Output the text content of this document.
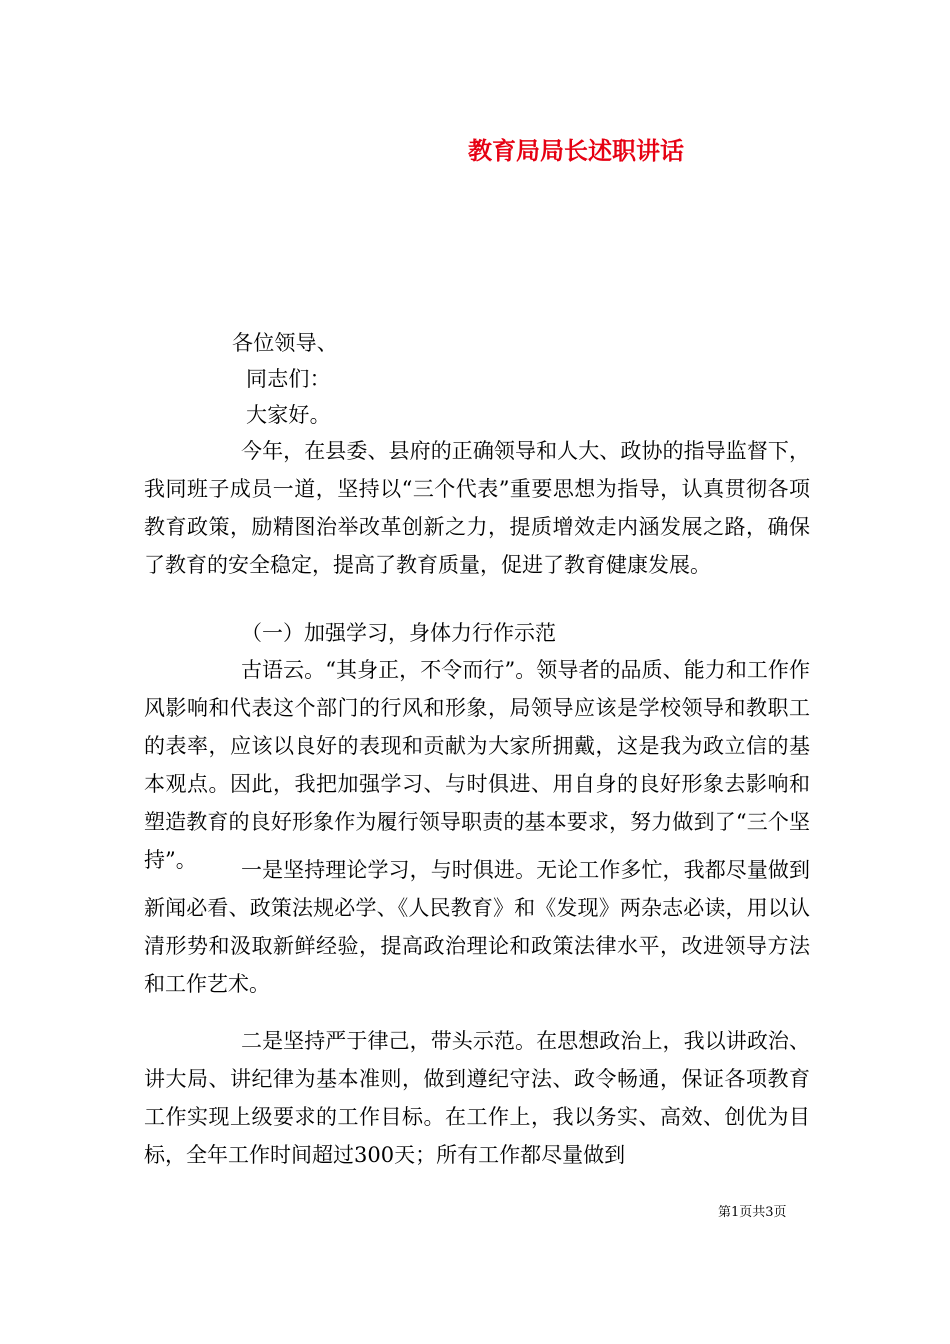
教育局局长述职讲话
各位领导、
同志们：
大家好。

今年，在县委、县府的正确领导和人大、政协的指导监督下，我同班子成员一道，坚持以“三个代表”重要思想为指导，认真贯彻各项教育政策，励精图治举改革创新之力，提质增效走内涵发展之路，确保了教育的安全稳定，提高了教育质量，促进了教育健康发展。

（一）加强学习，身体力行作示范

古语云。“其身正，不令而行”。领导者的品质、能力和工作作风影响和代表这个部门的行风和形象，局领导应该是学校领导和教职工的表率，应该以良好的表现和贡献为大家所拥戴，这是我为政立信的基本观点。因此，我把加强学习、与时俱进、用自身的良好形象去影响和塑造教育的良好形象作为履行领导职责的基本要求，努力做到了“三个坚持”。	一是坚持理论学习，与时俱进。无论工作多忙，我都尽量做到新闻必看、政策法规必学、《人民教育》和《发现》两杂志必读，用以认清形势和汲取新鲜经验，提高政治理论和政策法律水平，改进领导方法和工作艺术。

二是坚持严于律己，带头示范。在思想政治上，我以讲政治、讲大局、讲纪律为基本准则，做到遵纪守法、政令畅通，保证各项教育工作实现上级要求的工作目标。在工作上，我以务实、高效、创优为目标，全年工作时间超过300天；所有工作都尽量做到

第1页共3页
